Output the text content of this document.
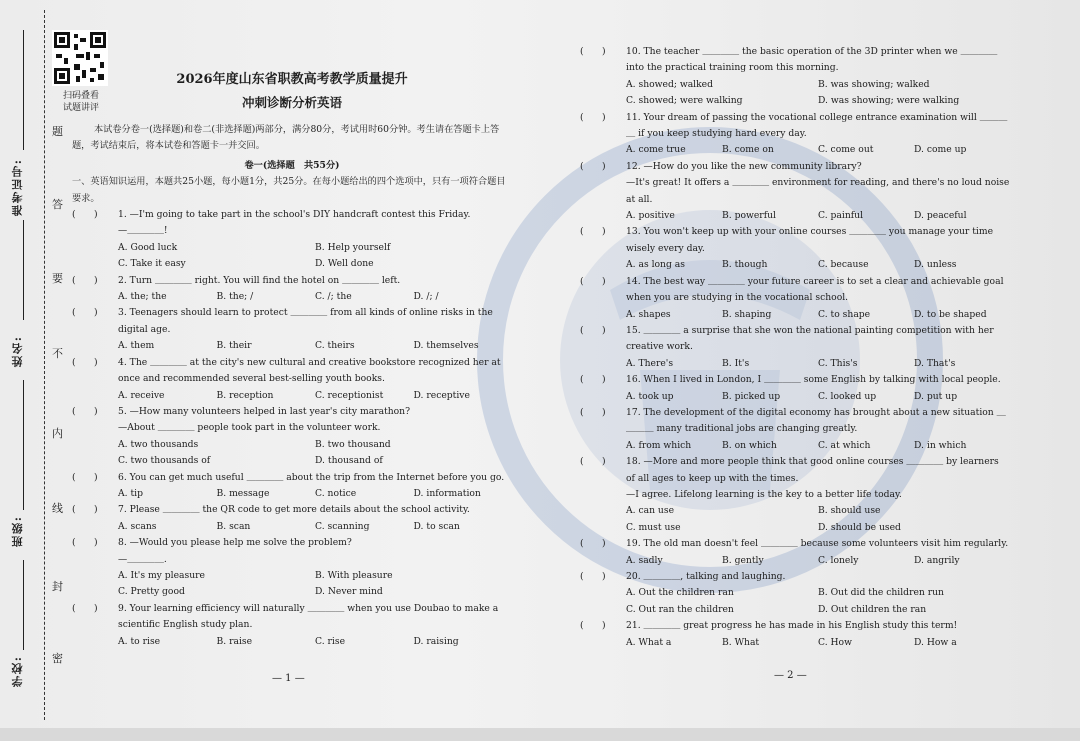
扫码叠看
试题讲评
准考证号:
姓名:
班级:
学校:
题
答
要
不
内
线
封
密

2026年度山东省职教高考教学质量提升

冲刺诊断分析英语

本试卷分卷一(选择题)和卷二(非选择题)两部分，满分80分，考试用时60分钟。考生请在答题卡上答题，考试结束后，将本试卷和答题卡一并交回。

卷一(选择题　共55分)

一、英语知识运用，本题共25小题，每小题1分，共25分。在每小题给出的四个选项中，只有一项符合题目要求。

(　　)	1. —I'm going to take part in the school's DIY handcraft contest this Friday.

—＿＿＿＿!

A. Good luck	B. Help yourself
C. Take it easy	D. Well done
(　　)	2. Turn ＿＿＿＿ right. You will find the hotel on ＿＿＿＿ left.
A. the; the	B. the; /	C. /; the	D. /; /
(　　)	3. Teenagers should learn to protect ＿＿＿＿ from all kinds of online risks in the digital age.
A. them	B. their	C. theirs	D. themselves
(　　)	4. The ＿＿＿＿ at the city's new cultural and creative bookstore recognized her at once and recommended several best-selling youth books.
A. receive	B. reception	C. receptionist	D. receptive
(　　)	5. —How many volunteers helped in last year's city marathon?

—About ＿＿＿＿ people took part in the volunteer work.

A. two thousands	B. two thousand
C. two thousands of	D. thousand of
(　　)	6. You can get much useful ＿＿＿＿ about the trip from the Internet before you go.
A. tip	B. message	C. notice	D. information
(　　)	7. Please ＿＿＿＿ the QR code to get more details about the school activity.
A. scans	B. scan	C. scanning	D. to scan
(　　)	8. —Would you please help me solve the problem?

—＿＿＿＿.

A. It's my pleasure	B. With pleasure
C. Pretty good	D. Never mind
(　　)	9. Your learning efficiency will naturally ＿＿＿＿ when you use Doubao to make a scientific English study plan.
A. to rise	B. raise	C. rise	D. raising
(　　)	10. The teacher ＿＿＿＿ the basic operation of the 3D printer when we ＿＿＿＿ into the practical training room this morning.
A. showed; walked	B. was showing; walked
C. showed; were walking	D. was showing; were walking
(　　)	11. Your dream of passing the vocational college entrance examination will ＿＿＿＿ if you keep studying hard every day.
A. come true	B. come on	C. come out	D. come up
(　　)	12. —How do you like the new community library?

—It's great! It offers a ＿＿＿＿ environment for reading, and there's no loud noise at all.

A. positive	B. powerful	C. painful	D. peaceful
(　　)	13. You won't keep up with your online courses ＿＿＿＿ you manage your time wisely every day.
A. as long as	B. though	C. because	D. unless
(　　)	14. The best way ＿＿＿＿ your future career is to set a clear and achievable goal when you are studying in the vocational school.
A. shapes	B. shaping	C. to shape	D. to be shaped
(　　)	15. ＿＿＿＿ a surprise that she won the national painting competition with her creative work.
A. There's	B. It's	C. This's	D. That's
(　　)	16. When I lived in London, I ＿＿＿＿ some English by talking with local people.
A. took up	B. picked up	C. looked up	D. put up
(　　)	17. The development of the digital economy has brought about a new situation ＿＿＿＿ many traditional jobs are changing greatly.
A. from which	B. on which	C. at which	D. in which
(　　)	18. —More and more people think that good online courses ＿＿＿＿ by learners of all ages to keep up with the times.

—I agree. Lifelong learning is the key to a better life today.

A. can use	B. should use
C. must use	D. should be used
(　　)	19. The old man doesn't feel ＿＿＿＿ because some volunteers visit him regularly.
A. sadly	B. gently	C. lonely	D. angrily
(　　)	20. ＿＿＿＿, talking and laughing.
A. Out the children ran	B. Out did the children run
C. Out ran the children	D. Out children the ran
(　　)	21. ＿＿＿＿ great progress he has made in his English study this term!
A. What a	B. What	C. How	D. How a
— 1 —	— 2 —
